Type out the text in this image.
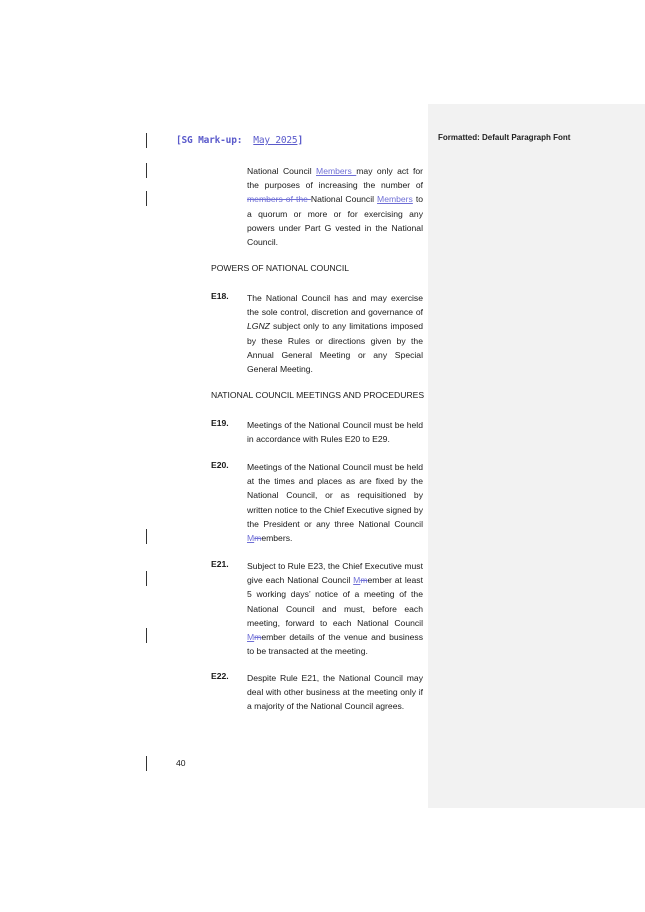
Formatted: Default Paragraph Font
[SG Mark-up: May 2025]
National Council Members may only act for the purposes of increasing the number of members of the National Council Members to a quorum or more or for exercising any powers under Part G vested in the National Council.
POWERS OF NATIONAL COUNCIL
E18. The National Council has and may exercise the sole control, discretion and governance of LGNZ subject only to any limitations imposed by these Rules or directions given by the Annual General Meeting or any Special General Meeting.
NATIONAL COUNCIL MEETINGS AND PROCEDURES
E19. Meetings of the National Council must be held in accordance with Rules E20 to E29.
E20. Meetings of the National Council must be held at the times and places as are fixed by the National Council, or as requisitioned by written notice to the Chief Executive signed by the President or any three National Council Mmembers.
E21. Subject to Rule E23, the Chief Executive must give each National Council Mmember at least 5 working days’ notice of a meeting of the National Council and must, before each meeting, forward to each National Council Mmember details of the venue and business to be transacted at the meeting.
E22. Despite Rule E21, the National Council may deal with other business at the meeting only if a majority of the National Council agrees.
40
